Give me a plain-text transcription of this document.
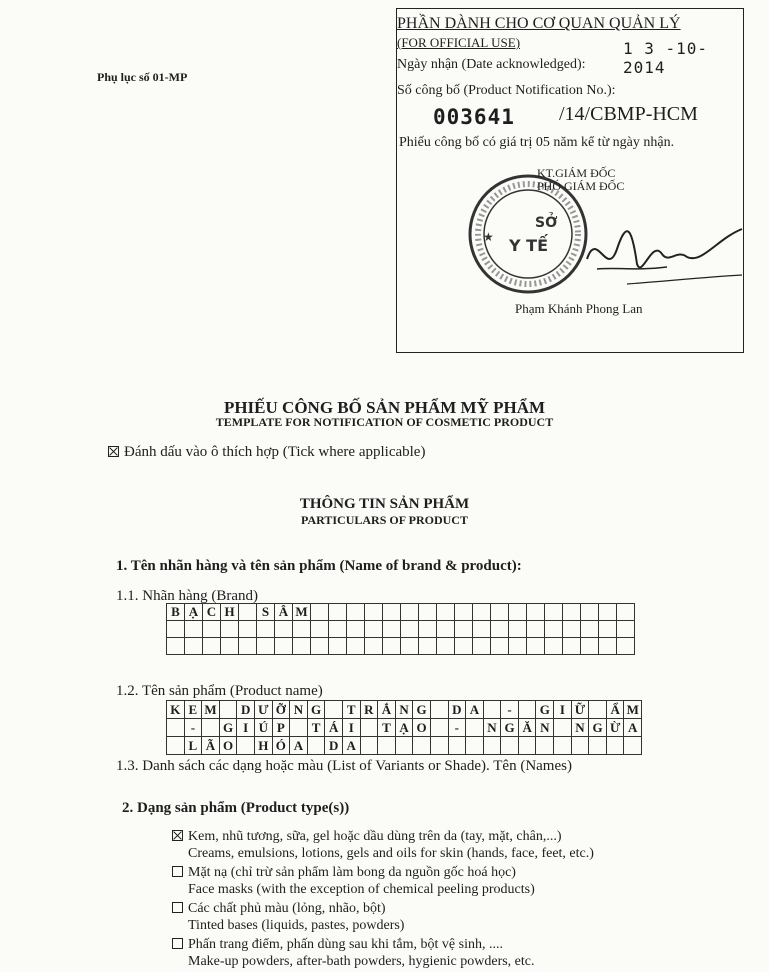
Phụ lục số 01-MP
PHẦN DÀNH CHO CƠ QUAN QUẢN LÝ
(FOR OFFICIAL USE)
Ngày nhận (Date acknowledged):
1 3 -10- 2014
Số công bố (Product Notification No.):
003641 /14/CBMP-HCM
Phiếu công bố có giá trị 05 năm kể từ ngày nhận.
SỞ
Y TẾ
★
KT.GIÁM ĐỐC
PHÓ GIÁM ĐỐC
Phạm Khánh Phong Lan
PHIẾU CÔNG BỐ SẢN PHẨM MỸ PHẨM
TEMPLATE FOR NOTIFICATION OF COSMETIC PRODUCT
Đánh dấu vào ô thích hợp (Tick where applicable)
THÔNG TIN SẢN PHẨM
PARTICULARS OF PRODUCT
1. Tên nhãn hàng và tên sản phẩm (Name of brand & product):
1.1. Nhãn hàng (Brand)
B	Ạ	C	H		S	Â	M																		

1.2. Tên sản phẩm (Product name)
K	E	M		D	Ư	Ỡ	N	G		T	R	Ắ	N	G		D	A		-		G	I	Ữ		Ẩ	M
	-		G	I	Ú	P		T	Á	I		T	Ạ	O		-		N	G	Ă	N		N	G	Ừ	A
	L	Ã	O		H	Ó	A		D	A																
1.3. Danh sách các dạng hoặc màu (List of Variants or Shade). Tên (Names)
2. Dạng sản phẩm (Product type(s))
Kem, nhũ tương, sữa, gel hoặc dầu dùng trên da (tay, mặt, chân,...)
Creams, emulsions, lotions, gels and oils for skin (hands, face, feet, etc.)
Mặt nạ (chỉ trừ sản phẩm làm bong da nguồn gốc hoá học)
Face masks (with the exception of chemical peeling products)
Các chất phủ màu (lỏng, nhão, bột)
Tinted bases (liquids, pastes, powders)
Phấn trang điểm, phấn dùng sau khi tắm, bột vệ sinh, ....
Make-up powders, after-bath powders, hygienic powders, etc.
